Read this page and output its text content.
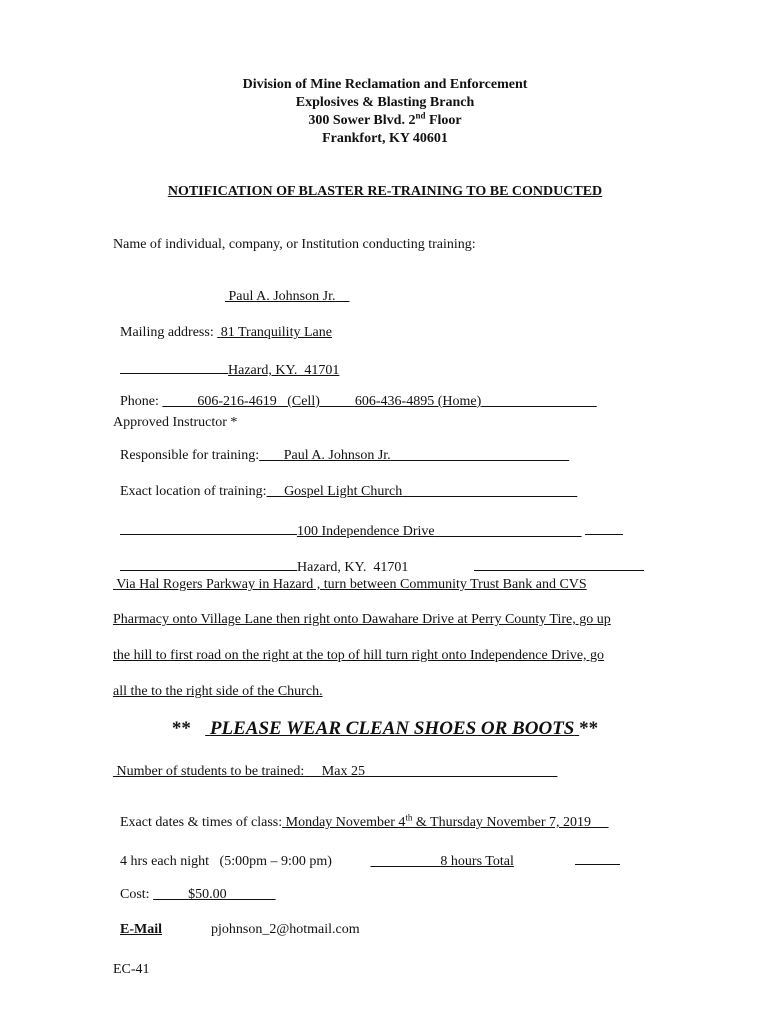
Division of Mine Reclamation and Enforcement
Explosives & Blasting Branch
300 Sower Blvd. 2nd Floor
Frankfort, KY 40601
NOTIFICATION OF BLASTER RE-TRAINING TO BE CONDUCTED
Name of individual, company, or Institution conducting training:

Paul A. Johnson Jr.

Mailing address: 81 Tranquility Lane

Hazard, KY.  41701

Phone:	606-216-4619   (Cell)	606-436-4895 (Home)

Approved Instructor *

Responsible for training: Paul A. Johnson Jr.

Exact location of training: Gospel Light Church

100 Independence Drive

Hazard, KY.  41701

Via Hal Rogers Parkway in Hazard , turn between Community Trust Bank and CVS
Pharmacy onto Village Lane then right onto Dawahare Drive at Perry County Tire, go up
the hill to first road on the right at the top of hill turn right onto Independence Drive, go
all the to the right side of the Church.
** PLEASE WEAR CLEAN SHOES OR BOOTS **
Number of students to be trained: Max 25

Exact dates & times of class: Monday November 4th & Thursday November 7, 2019

4 hrs each night   (5:00pm – 9:00 pm)	8 hours Total

Cost:	$50.00

E-Mail	pjohnson_2@hotmail.com

EC-41
